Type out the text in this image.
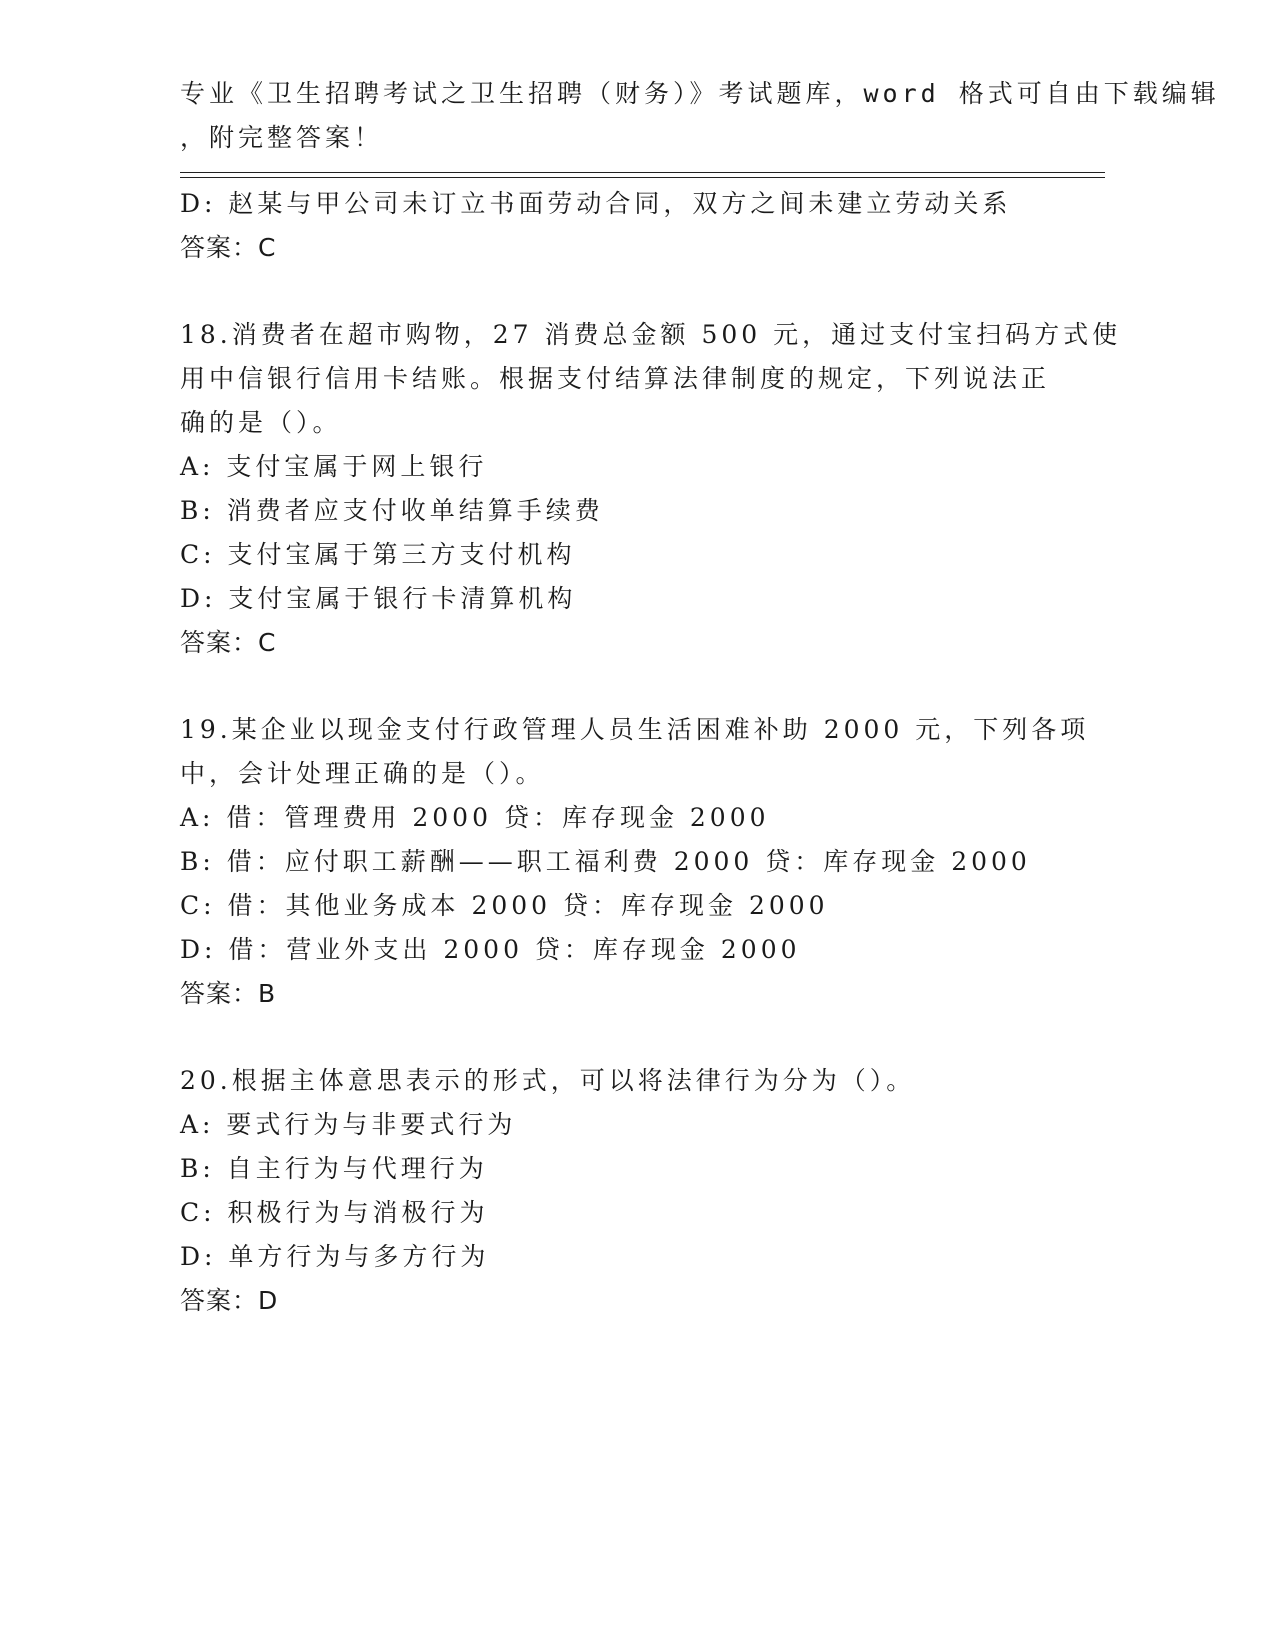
专业《卫生招聘考试之卫生招聘（财务）》考试题库，word 格式可自由下载编辑
，附完整答案！
D: 赵某与甲公司未订立书面劳动合同，双方之间未建立劳动关系
答案：C
18.消费者在超市购物，27 消费总金额 500 元，通过支付宝扫码方式使
用中信银行信用卡结账。根据支付结算法律制度的规定，下列说法正
确的是（）。
A: 支付宝属于网上银行
B: 消费者应支付收单结算手续费
C: 支付宝属于第三方支付机构
D: 支付宝属于银行卡清算机构
答案：C
19.某企业以现金支付行政管理人员生活困难补助 2000 元，下列各项
中，会计处理正确的是（）。
A: 借：管理费用 2000 贷：库存现金 2000
B: 借：应付职工薪酬——职工福利费 2000 贷：库存现金 2000
C: 借：其他业务成本 2000 贷：库存现金 2000
D: 借：营业外支出 2000 贷：库存现金 2000
答案：B
20.根据主体意思表示的形式，可以将法律行为分为（）。
A: 要式行为与非要式行为
B: 自主行为与代理行为
C: 积极行为与消极行为
D: 单方行为与多方行为
答案：D
